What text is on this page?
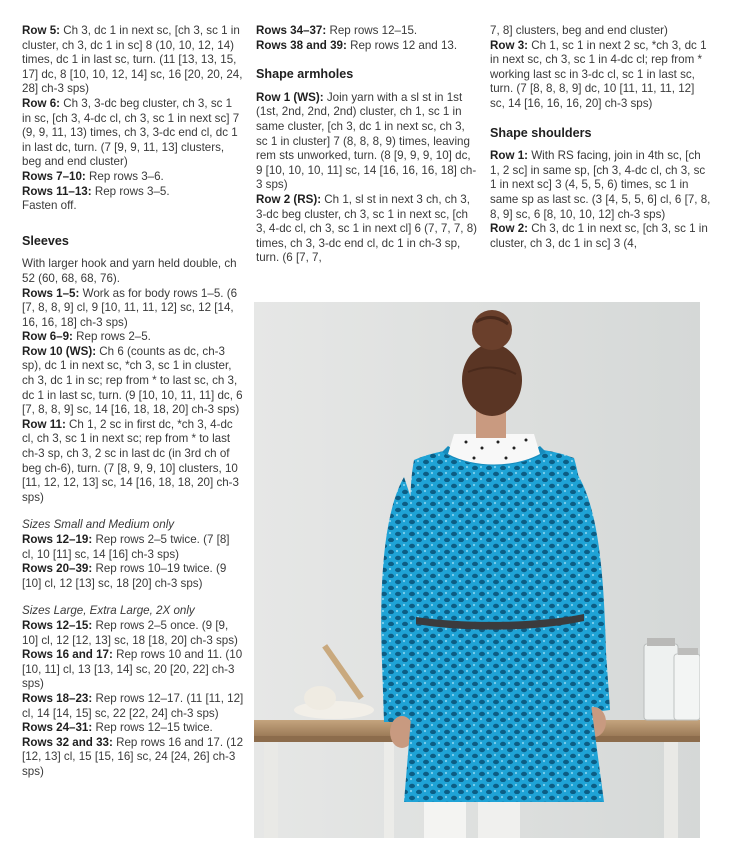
Row 5: Ch 3, dc 1 in next sc, [ch 3, sc 1 in cluster, ch 3, dc 1 in sc] 8 (10, 10, 12, 14) times, dc 1 in last sc, turn. (11 [13, 13, 15, 17] dc, 8 [10, 10, 12, 14] sc, 16 [20, 20, 24, 28] ch-3 sps)

Row 6: Ch 3, 3-dc beg cluster, ch 3, sc 1 in sc, [ch 3, 4-dc cl, ch 3, sc 1 in next sc] 7 (9, 9, 11, 13) times, ch 3, 3-dc end cl, dc 1 in last dc, turn. (7 [9, 9, 11, 13] clusters, beg and end cluster)

Rows 7–10: Rep rows 3–6.

Rows 11–13: Rep rows 3–5.

Fasten off.

Sleeves

With larger hook and yarn held double, ch 52 (60, 68, 68, 76).

Rows 1–5: Work as for body rows 1–5. (6 [7, 8, 8, 9] cl, 9 [10, 11, 11, 12] sc, 12 [14, 16, 16, 18] ch-3 sps)

Row 6–9: Rep rows 2–5.

Row 10 (WS): Ch 6 (counts as dc, ch-3 sp), dc 1 in next sc, *ch 3, sc 1 in cluster, ch 3, dc 1 in sc; rep from * to last sc, ch 3, dc 1 in last sc, turn. (9 [10, 10, 11, 11] dc, 6 [7, 8, 8, 9] sc, 14 [16, 18, 18, 20] ch-3 sps)

Row 11: Ch 1, 2 sc in first dc, *ch 3, 4-dc cl, ch 3, sc 1 in next sc; rep from * to last ch-3 sp, ch 3, 2 sc in last dc (in 3rd ch of beg ch-6), turn. (7 [8, 9, 9, 10] clusters, 10 [11, 12, 12, 13] sc, 14 [16, 18, 18, 20] ch-3 sps)

Sizes Small and Medium only

Rows 12–19: Rep rows 2–5 twice. (7 [8] cl, 10 [11] sc, 14 [16] ch-3 sps)

Rows 20–39: Rep rows 10–19 twice. (9 [10] cl, 12 [13] sc, 18 [20] ch-3 sps)

Sizes Large, Extra Large, 2X only

Rows 12–15: Rep rows 2–5 once. (9 [9, 10] cl, 12 [12, 13] sc, 18 [18, 20] ch-3 sps)

Rows 16 and 17: Rep rows 10 and 11. (10 [10, 11] cl, 13 [13, 14] sc, 20 [20, 22] ch-3 sps)

Rows 18–23: Rep rows 12–17. (11 [11, 12] cl, 14 [14, 15] sc, 22 [22, 24] ch-3 sps)

Rows 24–31: Rep rows 12–15 twice.

Rows 32 and 33: Rep rows 16 and 17. (12 [12, 13] cl, 15 [15, 16] sc, 24 [24, 26] ch-3 sps)

Rows 34–37: Rep rows 12–15.

Rows 38 and 39: Rep rows 12 and 13.

Shape armholes

Row 1 (WS): Join yarn with a sl st in 1st (1st, 2nd, 2nd, 2nd) cluster, ch 1, sc 1 in same cluster, [ch 3, dc 1 in next sc, ch 3, sc 1 in cluster] 7 (8, 8, 8, 9) times, leaving rem sts unworked, turn. (8 [9, 9, 9, 10] dc, 9 [10, 10, 10, 11] sc, 14 [16, 16, 16, 18] ch-3 sps)

Row 2 (RS): Ch 1, sl st in next 3 ch, ch 3, 3-dc beg cluster, ch 3, sc 1 in next sc, [ch 3, 4-dc cl, ch 3, sc 1 in next cl] 6 (7, 7, 7, 8) times, ch 3, 3-dc end cl, dc 1 in ch-3 sp, turn. (6 [7, 7,

7, 8] clusters, beg and end cluster)

Row 3: Ch 1, sc 1 in next 2 sc, *ch 3, dc 1 in next sc, ch 3, sc 1 in 4-dc cl; rep from * working last sc in 3-dc cl, sc 1 in last sc, turn. (7 [8, 8, 8, 9] dc, 10 [11, 11, 11, 12] sc, 14 [16, 16, 16, 20] ch-3 sps)

Shape shoulders

Row 1: With RS facing, join in 4th sc, [ch 1, 2 sc] in same sp, [ch 3, 4-dc cl, ch 3, sc 1 in next sc] 3 (4, 5, 5, 6) times, sc 1 in same sp as last sc. (3 [4, 5, 5, 6] cl, 6 [7, 8, 8, 9] sc, 6 [8, 10, 10, 12] ch-3 sps)

Row 2: Ch 3, dc 1 in next sc, [ch 3, sc 1 in cluster, ch 3, dc 1 in sc] 3 (4,
